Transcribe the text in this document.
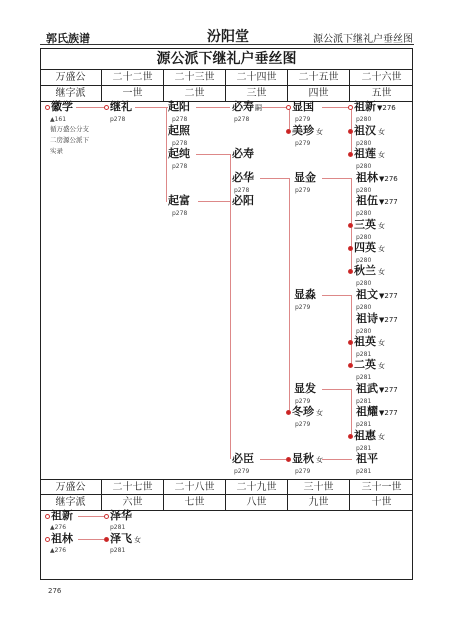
郭氏族谱	汾阳堂	源公派下继礼户垂丝图
源公派下继礼户垂丝图
万盛公	二十二世	二十三世	二十四世	二十五世	二十六世
继字派	一世	二世	三世	四世	五世
徽学
▲161
循万盛公分支
二房源公派下
实录
继礼
p278
起阳
p278
起照
p278
起纯
p278
起富
p278
必寿嗣
p278
必寿
必华
p278
必阳
必臣
p279
显国
p279
美珍 女
p279
显金
p279
显淼
p279
显发
p279
冬珍 女
p279
显秋 女
p279
祖新▼276
p280
祖汉 女
p280
祖莲 女
p280
祖林▼276
p280
祖伍▼277
p280
三英 女
p280
四英 女
p280
秋兰 女
p280
祖文▼277
p280
祖诗▼277
p280
祖英 女
p281
二英 女
p281
祖武▼277
p281
祖耀▼277
p281
祖惠 女
p281
祖平
p281
万盛公	二十七世	二十八世	二十九世	三十世	三十一世
继字派	六世	七世	八世	九世	十世
祖新
▲276
泽华
p281
祖林
▲276
泽飞 女
p281
276
